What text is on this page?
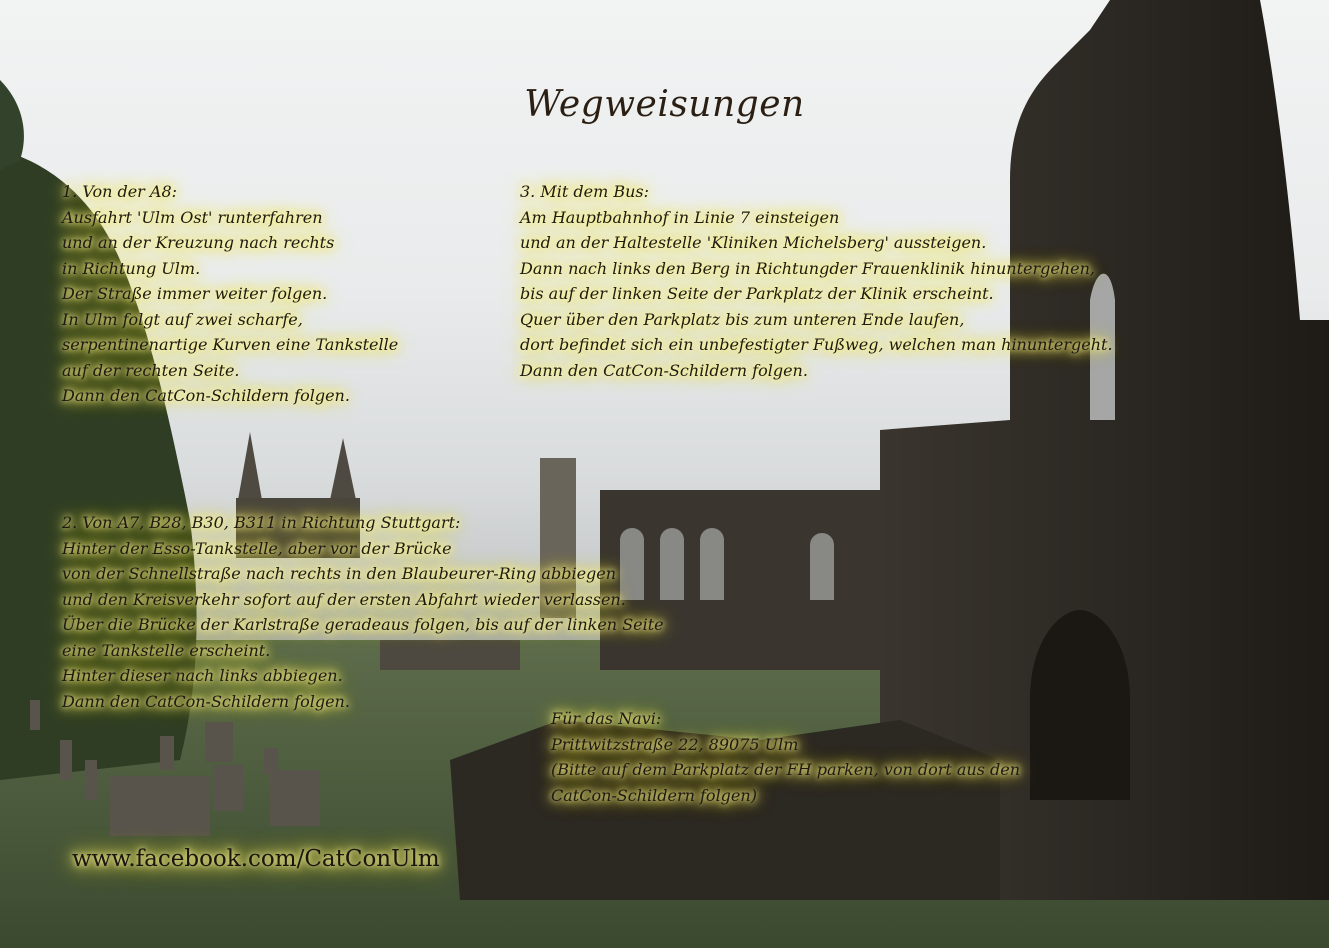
Wegweisungen
1. Von der A8:
Ausfahrt 'Ulm Ost' runterfahren
und an der Kreuzung nach rechts
in Richtung Ulm.
Der Straße immer weiter folgen.
In Ulm folgt auf zwei scharfe,
serpentinenartige Kurven eine Tankstelle
auf der rechten Seite.
Dann den CatCon-Schildern folgen.
3. Mit dem Bus:
Am Hauptbahnhof in Linie 7 einsteigen
und an der Haltestelle 'Kliniken Michelsberg' aussteigen.
Dann nach links den Berg in Richtungder Frauenklinik hinuntergehen,
bis auf der linken Seite der Parkplatz der Klinik erscheint.
Quer über den Parkplatz bis zum unteren Ende laufen,
dort befindet sich ein unbefestigter Fußweg, welchen man hinuntergeht.
Dann den CatCon-Schildern folgen.
2. Von A7, B28, B30, B311 in Richtung Stuttgart:
Hinter der Esso-Tankstelle, aber vor der Brücke
von der Schnellstraße nach rechts in den Blaubeurer-Ring abbiegen
und den Kreisverkehr sofort auf der ersten Abfahrt wieder verlassen.
Über die Brücke der Karlstraße geradeaus folgen, bis auf der linken Seite
eine Tankstelle erscheint.
Hinter dieser nach links abbiegen.
Dann den CatCon-Schildern folgen.
Für das Navi:
Prittwitzstraße 22, 89075 Ulm
(Bitte auf dem Parkplatz der FH parken, von dort aus den
CatCon-Schildern folgen)
www.facebook.com/CatConUlm
